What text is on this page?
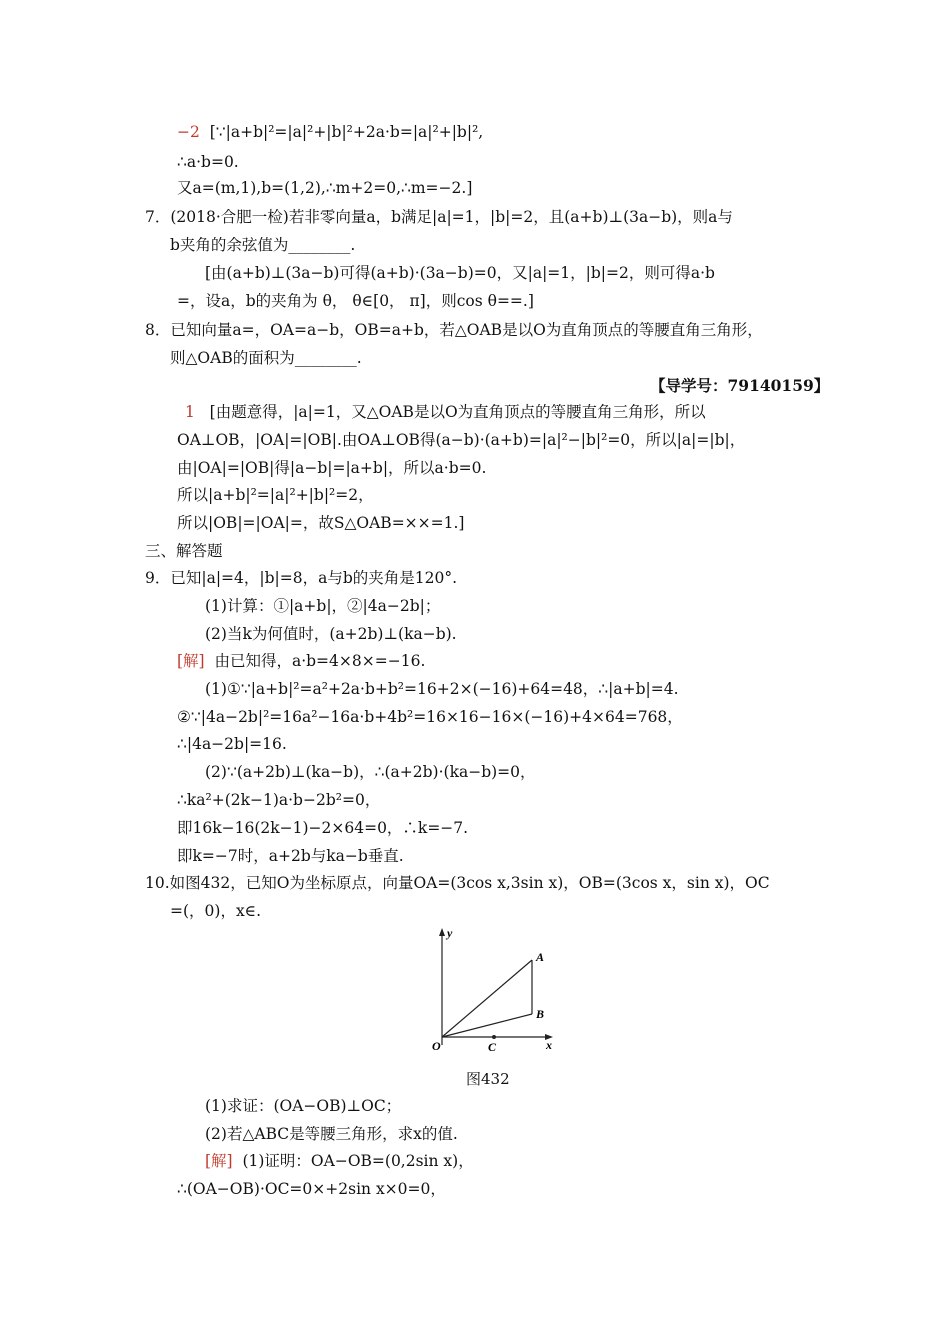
−2 [∵|a+b|²=|a|²+|b|²+2a·b=|a|²+|b|²,
∴a·b=0.
又a=(m,1),b=(1,2),∴m+2=0,∴m=−2.]
7．(2018·合肥一检)若非零向量a，b满足|a|=1，|b|=2，且(a+b)⊥(3a−b)，则a与
b夹角的余弦值为________.
[由(a+b)⊥(3a−b)可得(a+b)·(3a−b)=0，又|a|=1，|b|=2，则可得a·b
=，设a，b的夹角为 θ， θ∈[0， π]，则cos θ==.]
8．已知向量a=，OA=a−b，OB=a+b，若△OAB是以O为直角顶点的等腰直角三角形，
则△OAB的面积为________.
【导学号：79140159】
1 [由题意得，|a|=1，又△OAB是以O为直角顶点的等腰直角三角形，所以
OA⊥OB，|OA|=|OB|.由OA⊥OB得(a−b)·(a+b)=|a|²−|b|²=0，所以|a|=|b|，
由|OA|=|OB|得|a−b|=|a+b|，所以a·b=0.
所以|a+b|²=|a|²+|b|²=2，
所以|OB|=|OA|=，故S△OAB=××=1.]
三、解答题
9．已知|a|=4，|b|=8，a与b的夹角是120°.
(1)计算：①|a+b|，②|4a−2b|；
(2)当k为何值时，(a+2b)⊥(ka−b).
[解] 由已知得，a·b=4×8×=−16.
(1)①∵|a+b|²=a²+2a·b+b²=16+2×(−16)+64=48，∴|a+b|=4.
②∵|4a−2b|²=16a²−16a·b+4b²=16×16−16×(−16)+4×64=768，
∴|4a−2b|=16.
(2)∵(a+2b)⊥(ka−b)，∴(a+2b)·(ka−b)=0，
∴ka²+(2k−1)a·b−2b²=0，
即16k−16(2k−1)−2×64=0，∴k=−7.
即k=−7时，a+2b与ka−b垂直.
10.如图432，已知O为坐标原点，向量OA=(3cos x,3sin x)，OB=(3cos x，sin x)，OC
=(，0)，x∈.
y
x
O
A
B
C
图432
(1)求证：(OA−OB)⊥OC；
(2)若△ABC是等腰三角形，求x的值.
[解] (1)证明：OA−OB=(0,2sin x)，
∴(OA−OB)·OC=0×+2sin x×0=0，
